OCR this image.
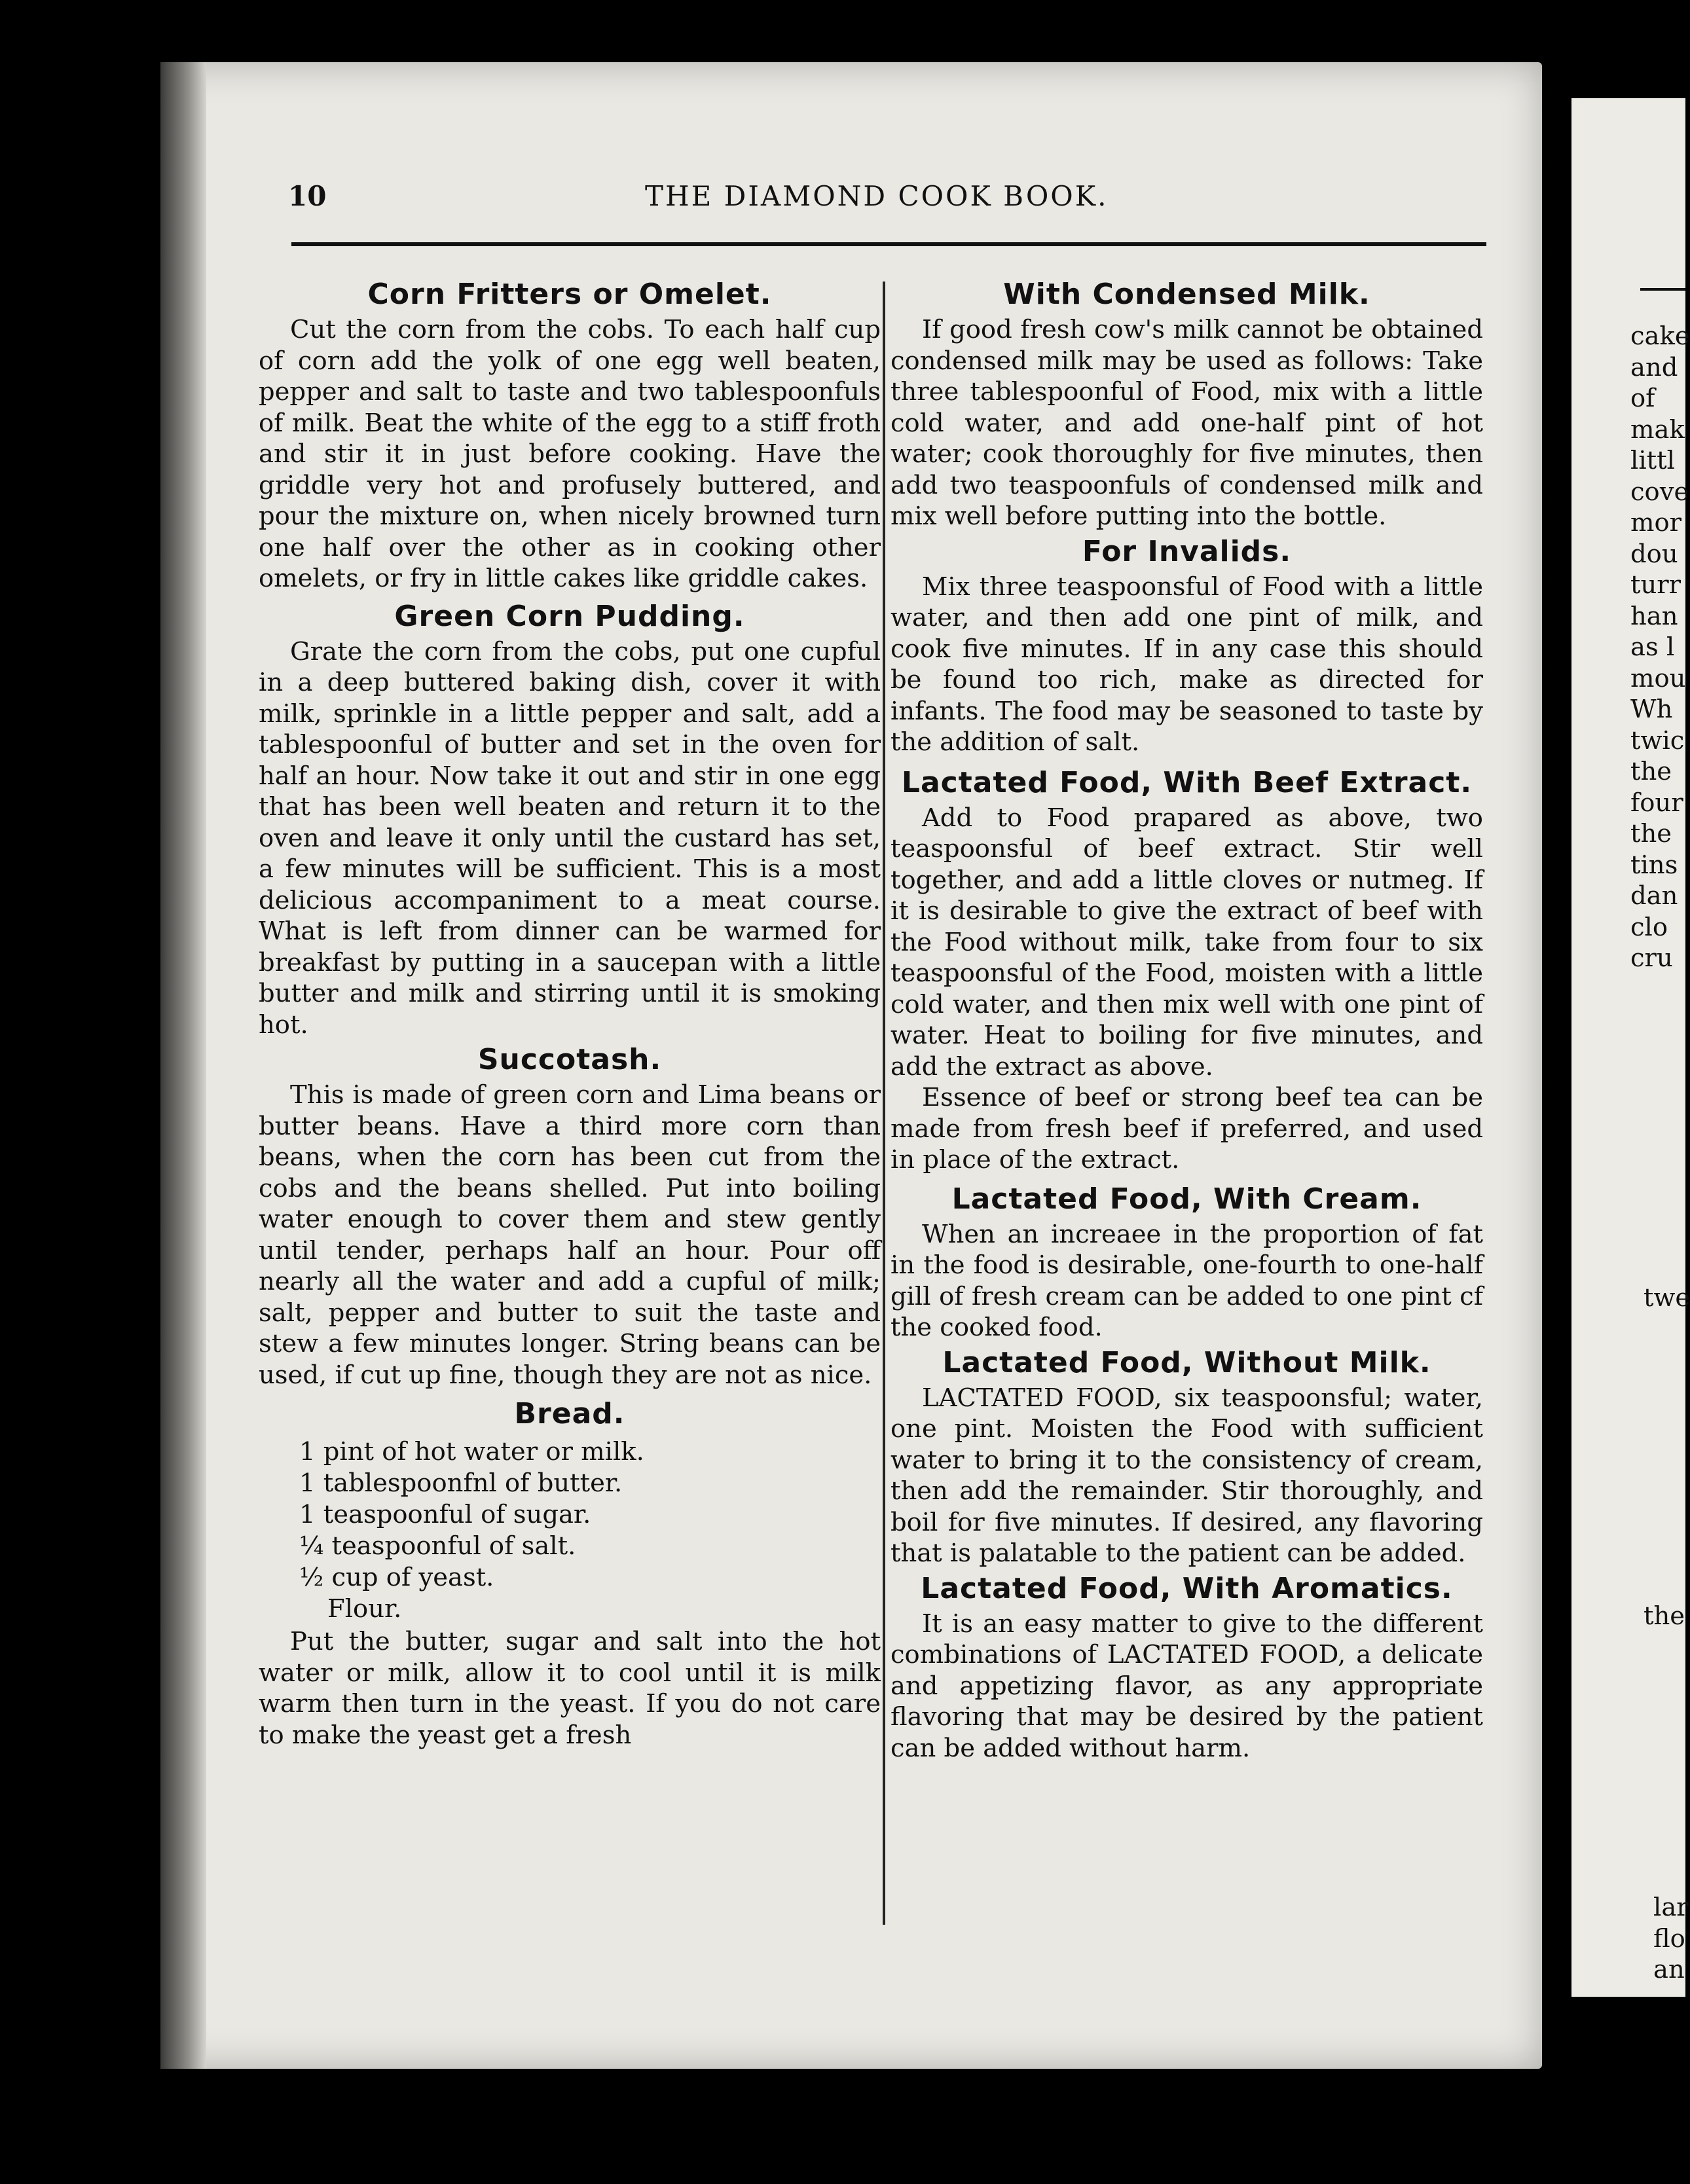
10	THE DIAMOND COOK BOOK.
Corn Fritters or Omelet.

Cut the corn from the cobs. To each half cup of corn add the yolk of one egg well beaten, pepper and salt to taste and two tablespoonfuls of milk. Beat the white of the egg to a stiff froth and stir it in just before cooking. Have the griddle very hot and profusely buttered, and pour the mixture on, when nicely browned turn one half over the other as in cooking other omelets, or fry in little cakes like griddle cakes.

Green Corn Pudding.

Grate the corn from the cobs, put one cupful in a deep buttered baking dish, cover it with milk, sprinkle in a little pepper and salt, add a tablespoonful of butter and set in the oven for half an hour. Now take it out and stir in one egg that has been well beaten and return it to the oven and leave it only until the custard has set, a few minutes will be sufficient. This is a most delicious accompaniment to a meat course. What is left from dinner can be warmed for breakfast by putting in a saucepan with a little butter and milk and stirring until it is smoking hot.

Succotash.

This is made of green corn and Lima beans or butter beans. Have a third more corn than beans, when the corn has been cut from the cobs and the beans shelled. Put into boiling water enough to cover them and stew gently until tender, perhaps half an hour. Pour off nearly all the water and add a cupful of milk; salt, pepper and butter to suit the taste and stew a few minutes longer. String beans can be used, if cut up fine, though they are not as nice.

Bread.
1 pint of hot water or milk.
1 tablespoonfnl of butter.
1 teaspoonful of sugar.
¼ teaspoonful of salt.
½ cup of yeast.
Flour.

Put the butter, sugar and salt into the hot water or milk, allow it to cool until it is milk warm then turn in the yeast. If you do not care to make the yeast get a fresh

With Condensed Milk.

If good fresh cow's milk cannot be obtained condensed milk may be used as follows: Take three tablespoonful of Food, mix with a little cold water, and add one-half pint of hot water; cook thoroughly for five minutes, then add two teaspoonfuls of condensed milk and mix well before putting into the bottle.

For Invalids.

Mix three teaspoonsful of Food with a little water, and then add one pint of milk, and cook five minutes. If in any case this should be found too rich, make as directed for infants. The food may be seasoned to taste by the addition of salt.

Lactated Food, With Beef Extract.

Add to Food prapared as above, two teaspoonsful of beef extract. Stir well together, and add a little cloves or nutmeg. If it is desirable to give the extract of beef with the Food without milk, take from four to six teaspoonsful of the Food, moisten with a little cold water, and then mix well with one pint of water. Heat to boiling for five minutes, and add the extract as above.

Essence of beef or strong beef tea can be made from fresh beef if preferred, and used in place of the extract.

Lactated Food, With Cream.

When an increaee in the proportion of fat in the food is desirable, one-fourth to one-half gill of fresh cream can be added to one pint cf the cooked food.

Lactated Food, Without Milk.

LACTATED FOOD, six teaspoonsful; water, one pint. Moisten the Food with sufficient water to bring it to the consistency of cream, then add the remainder. Stir thoroughly, and boil for five minutes. If desired, any flavoring that is palatable to the patient can be added.

Lactated Food, With Aromatics.

It is an easy matter to give to the different combinations of LACTATED FOOD, a delicate and appetizing flavor, as any appropriate flavoring that may be desired by the patient can be added without harm.

cake
and
of
mak
littl
cove
mor
dou
turr
han
as l
mou
Wh
twic
the
four
the
tins
dan
clo
cru
twe
the
lar
flo
an
